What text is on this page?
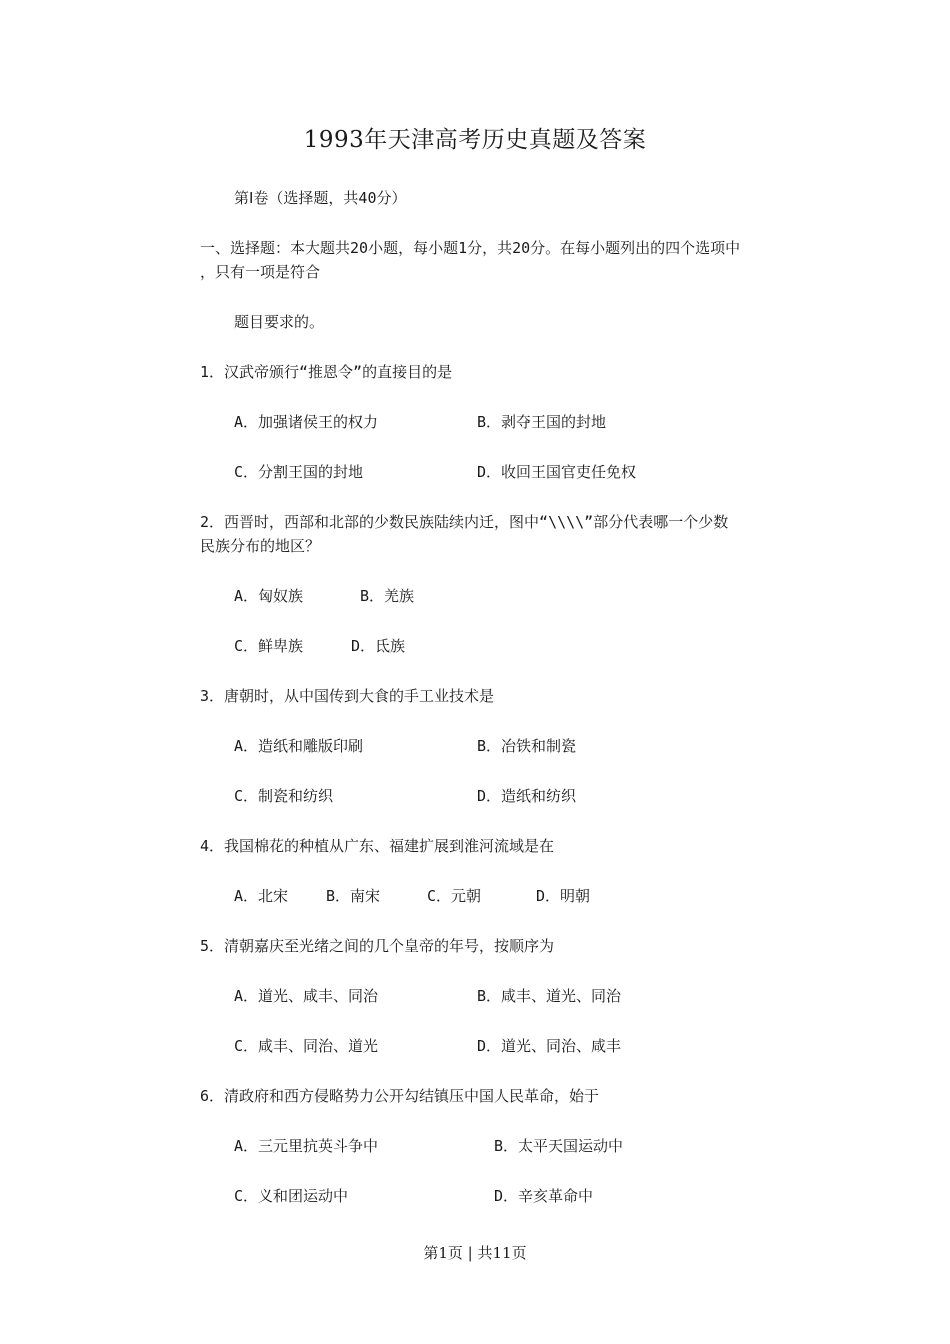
1993年天津高考历史真题及答案

第Ⅰ卷（选择题，共40分）

一、选择题：本大题共20小题，每小题1分，共20分。在每小题列出的四个选项中

，只有一项是符合

题目要求的。

1．汉武帝颁行“推恩令”的直接目的是

A．加强诸侯王的权力	B．剥夺王国的封地

C．分割王国的封地	D．收回王国官吏任免权

2．西晋时，西部和北部的少数民族陆续内迁，图中“\\\\”部分代表哪一个少数

民族分布的地区？

A．匈奴族	B．羌族

C．鲜卑族	D．氐族

3．唐朝时，从中国传到大食的手工业技术是

A．造纸和雕版印刷	B．冶铁和制瓷

C．制瓷和纺织	D．造纸和纺织

4．我国棉花的种植从广东、福建扩展到淮河流域是在

A．北宋	B．南宋	C．元朝	D．明朝

5．清朝嘉庆至光绪之间的几个皇帝的年号，按顺序为

A．道光、咸丰、同治	B．咸丰、道光、同治

C．咸丰、同治、道光	D．道光、同治、咸丰

6．清政府和西方侵略势力公开勾结镇压中国人民革命，始于

A．三元里抗英斗争中	B．太平天国运动中

C．义和团运动中	D．辛亥革命中

第1页 | 共11页
